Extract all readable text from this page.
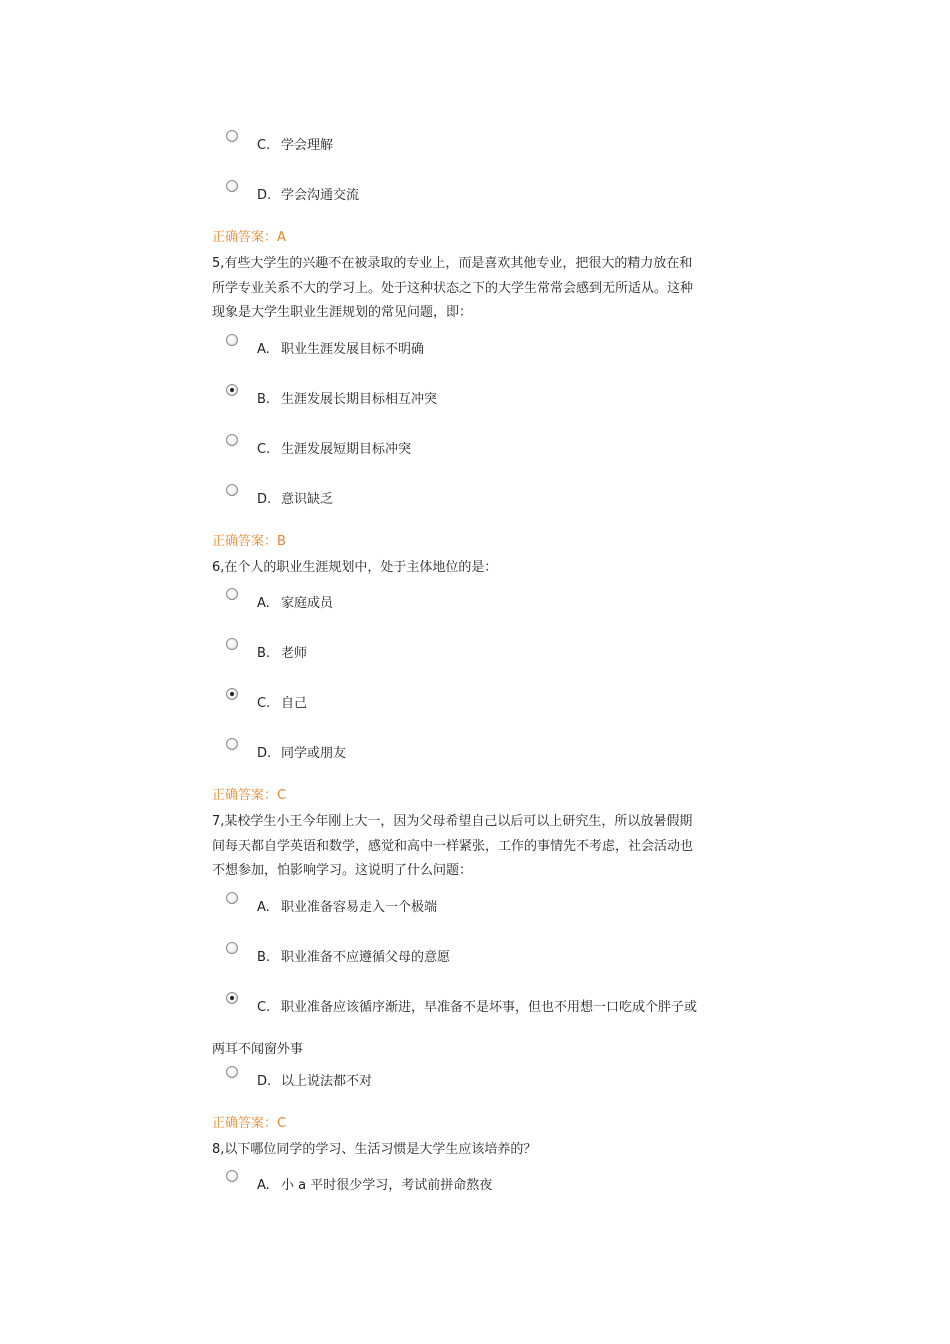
C. 学会理解
D. 学会沟通交流
正确答案：A
5,有些大学生的兴趣不在被录取的专业上，而是喜欢其他专业，把很大的精力放在和
所学专业关系不大的学习上。处于这种状态之下的大学生常常会感到无所适从。这种
现象是大学生职业生涯规划的常见问题，即：
A. 职业生涯发展目标不明确
B. 生涯发展长期目标相互冲突
C. 生涯发展短期目标冲突
D. 意识缺乏
正确答案：B
6,在个人的职业生涯规划中，处于主体地位的是：
A. 家庭成员
B. 老师
C. 自己
D. 同学或朋友
正确答案：C
7,某校学生小王今年刚上大一，因为父母希望自己以后可以上研究生，所以放暑假期
间每天都自学英语和数学，感觉和高中一样紧张，工作的事情先不考虑，社会活动也
不想参加，怕影响学习。这说明了什么问题：
A. 职业准备容易走入一个极端
B. 职业准备不应遵循父母的意愿
C. 职业准备应该循序渐进，早准备不是坏事，但也不用想一口吃成个胖子或
两耳不闻窗外事
D. 以上说法都不对
正确答案：C
8,以下哪位同学的学习、生活习惯是大学生应该培养的？
A. 小 a 平时很少学习，考试前拼命熬夜
